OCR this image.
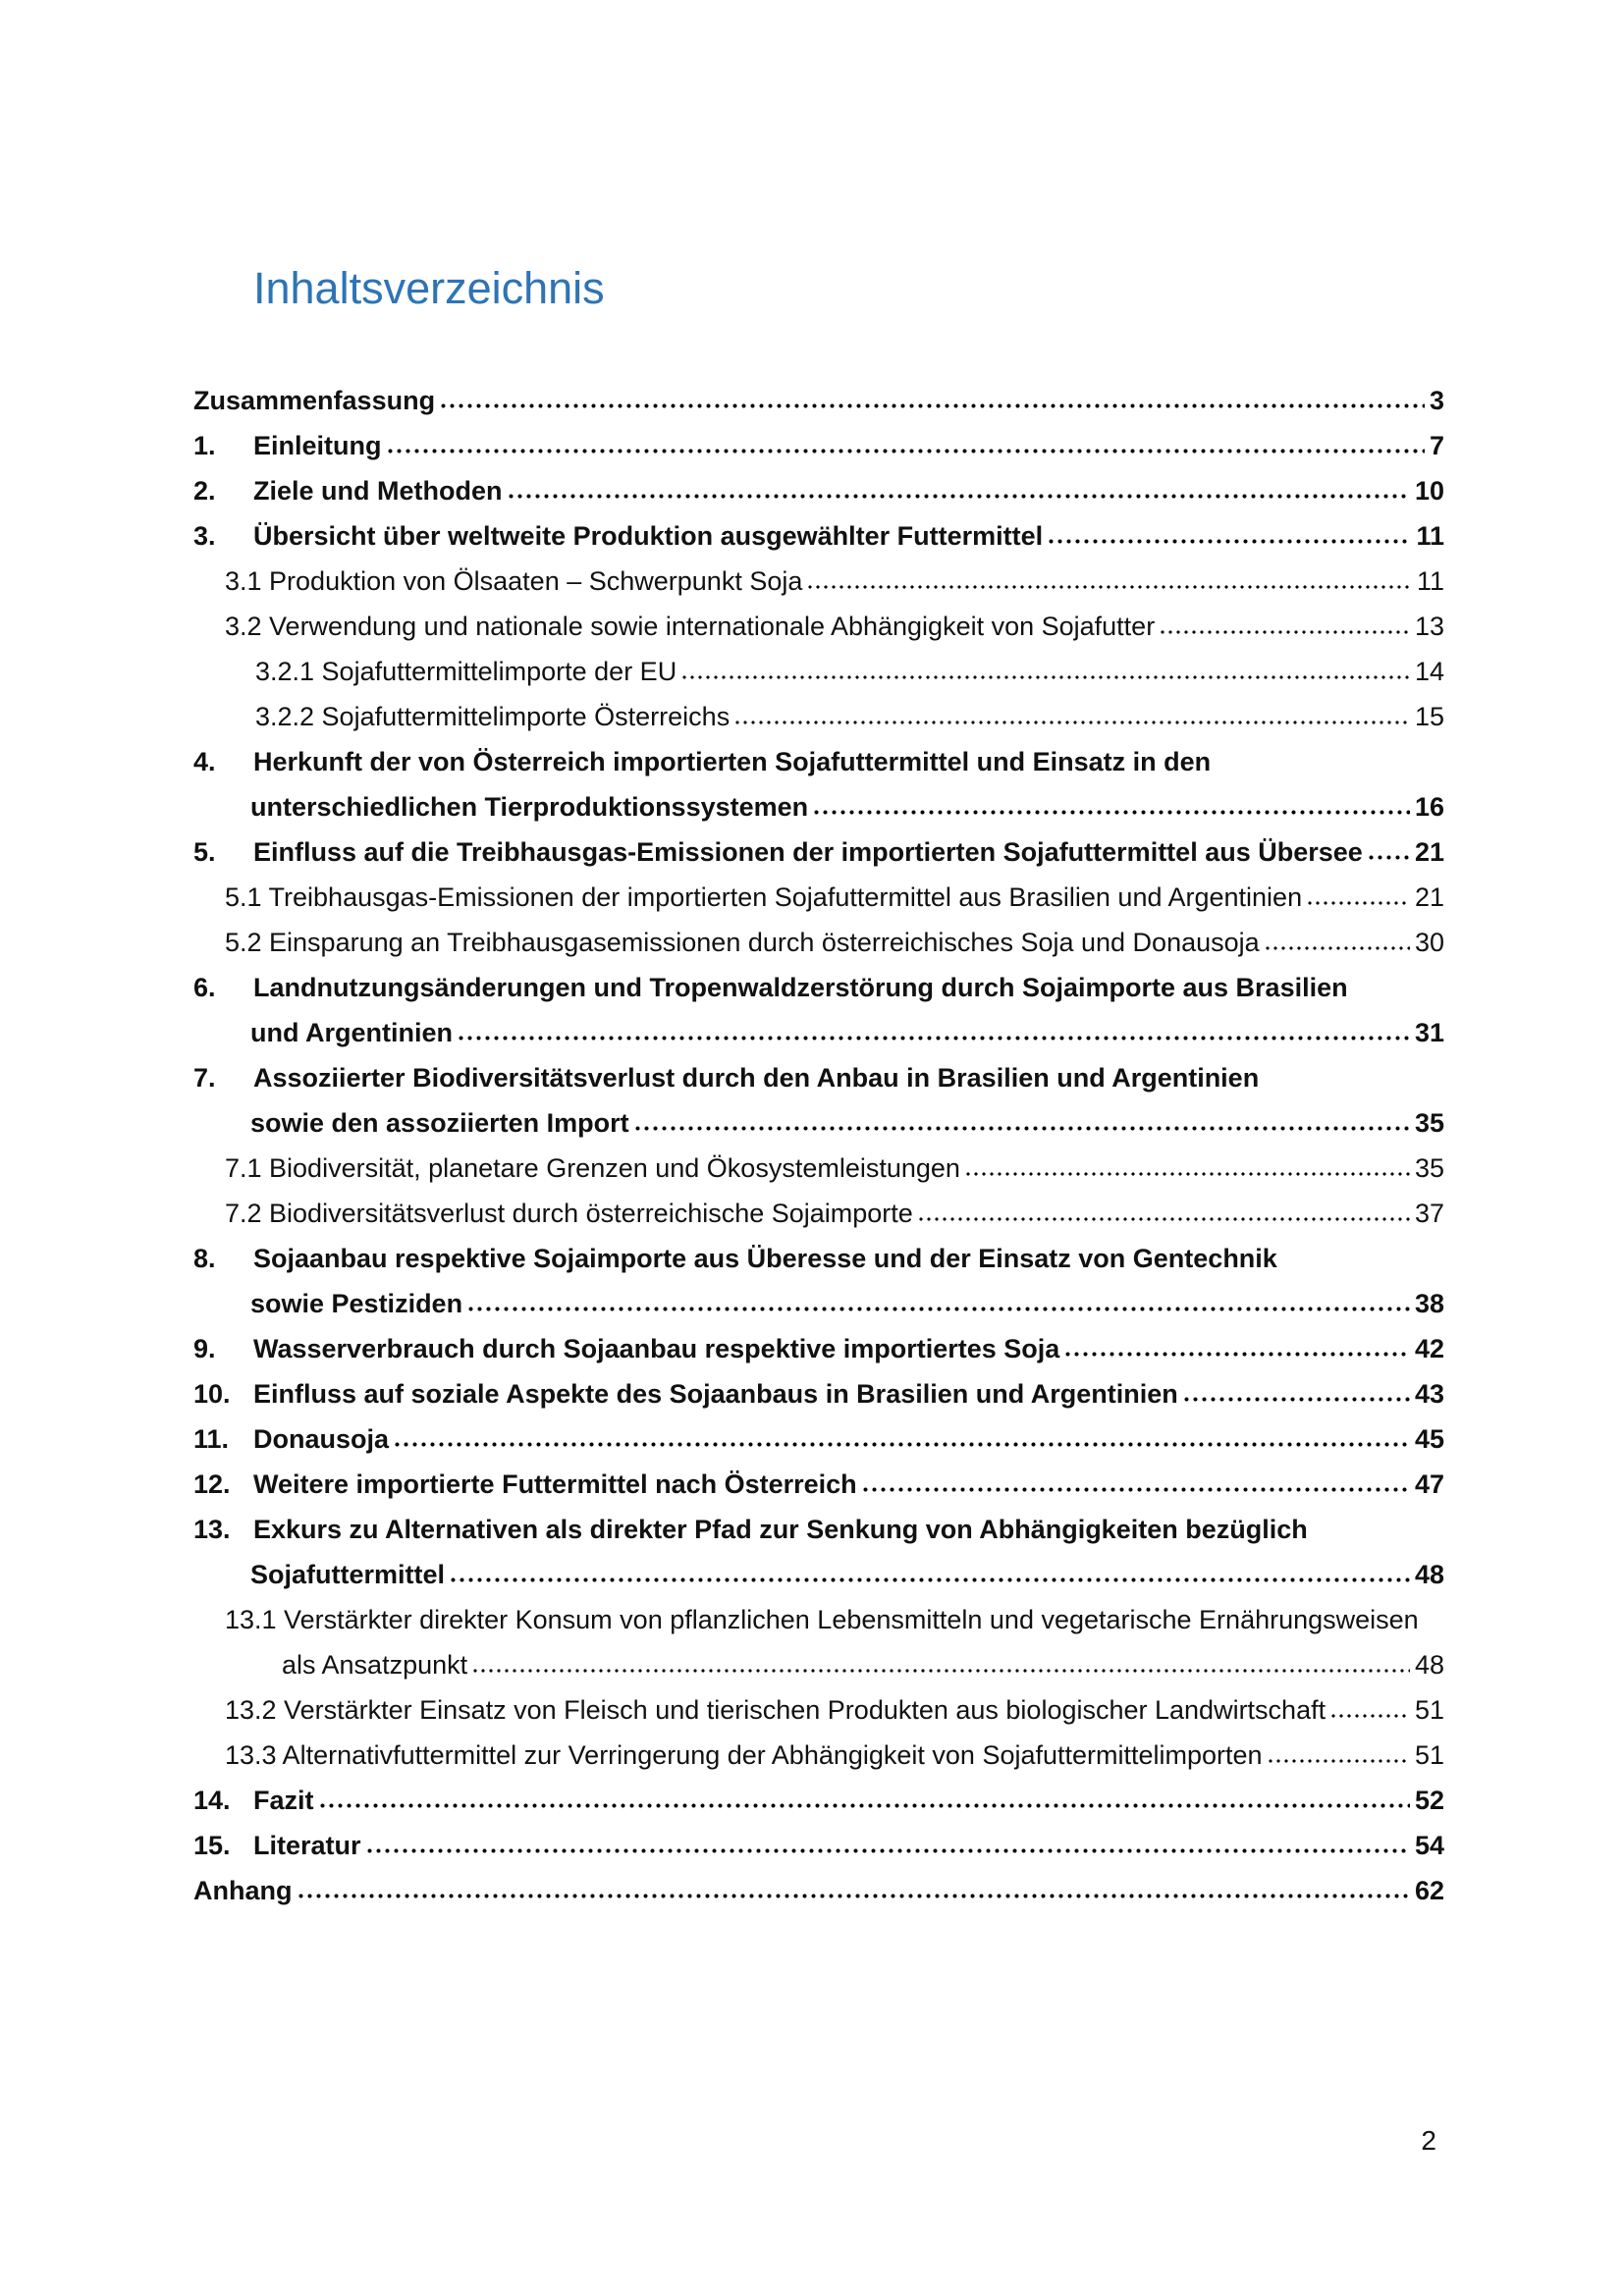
Inhaltsverzeichnis
Zusammenfassung	3
1.	Einleitung	7
2.	Ziele und Methoden	10
3.	Übersicht über weltweite Produktion ausgewählter Futtermittel	11
3.1 Produktion von Ölsaaten – Schwerpunkt Soja	11
3.2 Verwendung und nationale sowie internationale Abhängigkeit von Sojafutter	13
3.2.1 Sojafuttermittelimporte der EU	14
3.2.2 Sojafuttermittelimporte Österreichs	15
4.	Herkunft der von Österreich importierten Sojafuttermittel und Einsatz in den
unterschiedlichen Tierproduktionssystemen	16
5.	Einfluss auf die Treibhausgas-Emissionen der importierten Sojafuttermittel aus Übersee 21
5.1 Treibhausgas-Emissionen der importierten Sojafuttermittel aus Brasilien und Argentinien	21
5.2 Einsparung an Treibhausgasemissionen durch österreichisches Soja und Donausoja	30
6.	Landnutzungsänderungen und Tropenwaldzerstörung durch Sojaimporte aus Brasilien
und Argentinien	31
7.	Assoziierter Biodiversitätsverlust durch den Anbau in Brasilien und Argentinien
sowie den assoziierten Import	35
7.1 Biodiversität, planetare Grenzen und Ökosystemleistungen	35
7.2 Biodiversitätsverlust durch österreichische Sojaimporte	37
8.	Sojaanbau respektive Sojaimporte aus Überesse und der Einsatz von Gentechnik
sowie Pestiziden	38
9.	Wasserverbrauch durch Sojaanbau respektive importiertes Soja	42
10. Einfluss auf soziale Aspekte des Sojaanbaus in Brasilien und Argentinien	43
11. Donausoja	45
12. Weitere importierte Futtermittel nach Österreich	47
13. Exkurs zu Alternativen als direkter Pfad zur Senkung von Abhängigkeiten bezüglich
Sojafuttermittel	48
13.1 Verstärkter direkter Konsum von pflanzlichen Lebensmitteln und vegetarische Ernährungsweisen
als Ansatzpunkt	48
13.2 Verstärkter Einsatz von Fleisch und tierischen Produkten aus biologischer Landwirtschaft	51
13.3 Alternativfuttermittel zur Verringerung der Abhängigkeit von Sojafuttermittelimporten	51
14. Fazit	52
15. Literatur	54
Anhang	62
2
